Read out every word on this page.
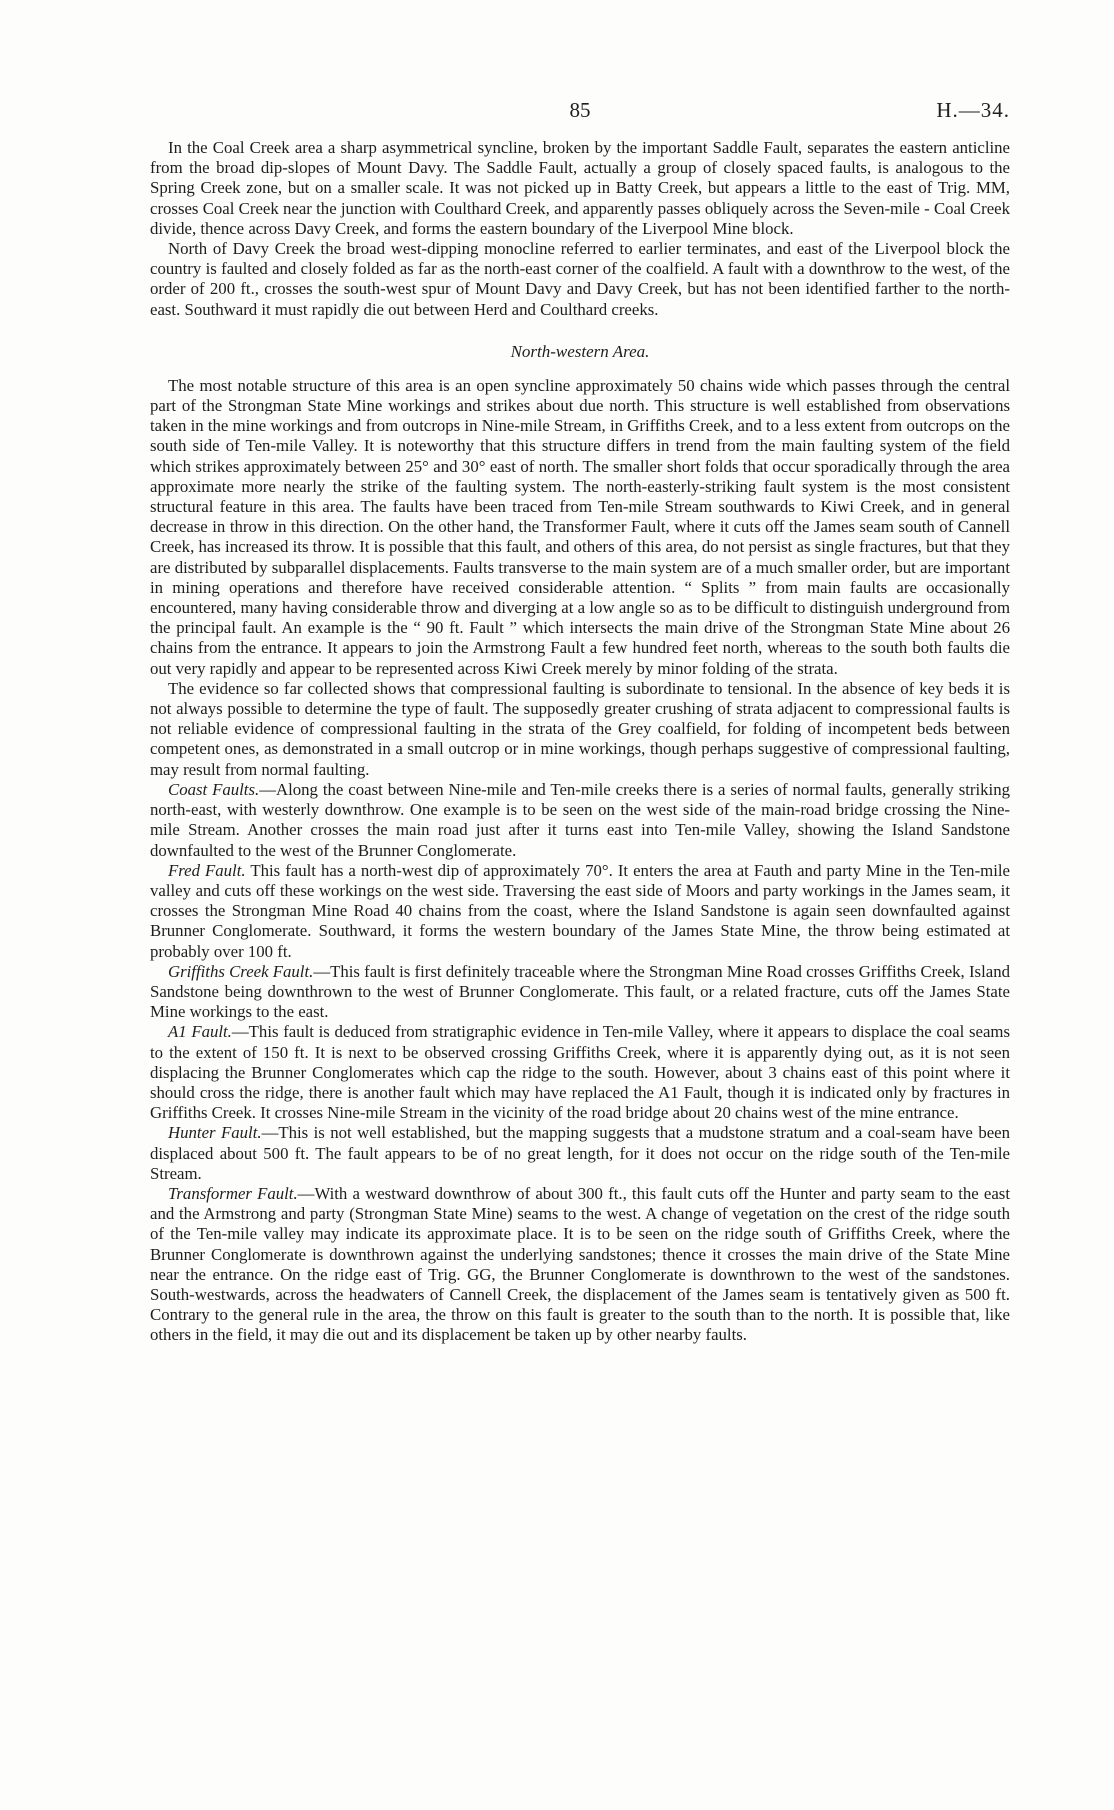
85	H.—34.

In the Coal Creek area a sharp asymmetrical syncline, broken by the important Saddle Fault, separates the eastern anticline from the broad dip-slopes of Mount Davy. The Saddle Fault, actually a group of closely spaced faults, is analogous to the Spring Creek zone, but on a smaller scale. It was not picked up in Batty Creek, but appears a little to the east of Trig. MM, crosses Coal Creek near the junction with Coulthard Creek, and apparently passes obliquely across the Seven-mile - Coal Creek divide, thence across Davy Creek, and forms the eastern boundary of the Liverpool Mine block.

North of Davy Creek the broad west-dipping monocline referred to earlier terminates, and east of the Liverpool block the country is faulted and closely folded as far as the north-east corner of the coalfield. A fault with a downthrow to the west, of the order of 200 ft., crosses the south-west spur of Mount Davy and Davy Creek, but has not been identified farther to the north-east. Southward it must rapidly die out between Herd and Coulthard creeks.

North-western Area.

The most notable structure of this area is an open syncline approximately 50 chains wide which passes through the central part of the Strongman State Mine workings and strikes about due north. This structure is well established from observations taken in the mine workings and from outcrops in Nine-mile Stream, in Griffiths Creek, and to a less extent from outcrops on the south side of Ten-mile Valley. It is noteworthy that this structure differs in trend from the main faulting system of the field which strikes approximately between 25° and 30° east of north. The smaller short folds that occur sporadically through the area approximate more nearly the strike of the faulting system. The north-easterly-striking fault system is the most consistent structural feature in this area. The faults have been traced from Ten-mile Stream southwards to Kiwi Creek, and in general decrease in throw in this direction. On the other hand, the Transformer Fault, where it cuts off the James seam south of Cannell Creek, has increased its throw. It is possible that this fault, and others of this area, do not persist as single fractures, but that they are distributed by subparallel displacements. Faults transverse to the main system are of a much smaller order, but are important in mining operations and therefore have received considerable attention. “ Splits ” from main faults are occasionally encountered, many having considerable throw and diverging at a low angle so as to be difficult to distinguish underground from the principal fault. An example is the “ 90 ft. Fault ” which intersects the main drive of the Strongman State Mine about 26 chains from the entrance. It appears to join the Armstrong Fault a few hundred feet north, whereas to the south both faults die out very rapidly and appear to be represented across Kiwi Creek merely by minor folding of the strata.

The evidence so far collected shows that compressional faulting is subordinate to tensional. In the absence of key beds it is not always possible to determine the type of fault. The supposedly greater crushing of strata adjacent to compressional faults is not reliable evidence of compressional faulting in the strata of the Grey coalfield, for folding of incompetent beds between competent ones, as demonstrated in a small outcrop or in mine workings, though perhaps suggestive of compressional faulting, may result from normal faulting.

Coast Faults.—Along the coast between Nine-mile and Ten-mile creeks there is a series of normal faults, generally striking north-east, with westerly downthrow. One example is to be seen on the west side of the main-road bridge crossing the Nine-mile Stream. Another crosses the main road just after it turns east into Ten-mile Valley, showing the Island Sandstone downfaulted to the west of the Brunner Conglomerate.

Fred Fault. This fault has a north-west dip of approximately 70°. It enters the area at Fauth and party Mine in the Ten-mile valley and cuts off these workings on the west side. Traversing the east side of Moors and party workings in the James seam, it crosses the Strongman Mine Road 40 chains from the coast, where the Island Sandstone is again seen downfaulted against Brunner Conglomerate. Southward, it forms the western boundary of the James State Mine, the throw being estimated at probably over 100 ft.

Griffiths Creek Fault.—This fault is first definitely traceable where the Strongman Mine Road crosses Griffiths Creek, Island Sandstone being downthrown to the west of Brunner Conglomerate. This fault, or a related fracture, cuts off the James State Mine workings to the east.

A1 Fault.—This fault is deduced from stratigraphic evidence in Ten-mile Valley, where it appears to displace the coal seams to the extent of 150 ft. It is next to be observed crossing Griffiths Creek, where it is apparently dying out, as it is not seen displacing the Brunner Conglomerates which cap the ridge to the south. However, about 3 chains east of this point where it should cross the ridge, there is another fault which may have replaced the A1 Fault, though it is indicated only by fractures in Griffiths Creek. It crosses Nine-mile Stream in the vicinity of the road bridge about 20 chains west of the mine entrance.

Hunter Fault.—This is not well established, but the mapping suggests that a mudstone stratum and a coal-seam have been displaced about 500 ft. The fault appears to be of no great length, for it does not occur on the ridge south of the Ten-mile Stream.

Transformer Fault.—With a westward downthrow of about 300 ft., this fault cuts off the Hunter and party seam to the east and the Armstrong and party (Strongman State Mine) seams to the west. A change of vegetation on the crest of the ridge south of the Ten-mile valley may indicate its approximate place. It is to be seen on the ridge south of Griffiths Creek, where the Brunner Conglomerate is downthrown against the underlying sandstones; thence it crosses the main drive of the State Mine near the entrance. On the ridge east of Trig. GG, the Brunner Conglomerate is downthrown to the west of the sandstones. South-westwards, across the headwaters of Cannell Creek, the displacement of the James seam is tentatively given as 500 ft. Contrary to the general rule in the area, the throw on this fault is greater to the south than to the north. It is possible that, like others in the field, it may die out and its displacement be taken up by other nearby faults.
